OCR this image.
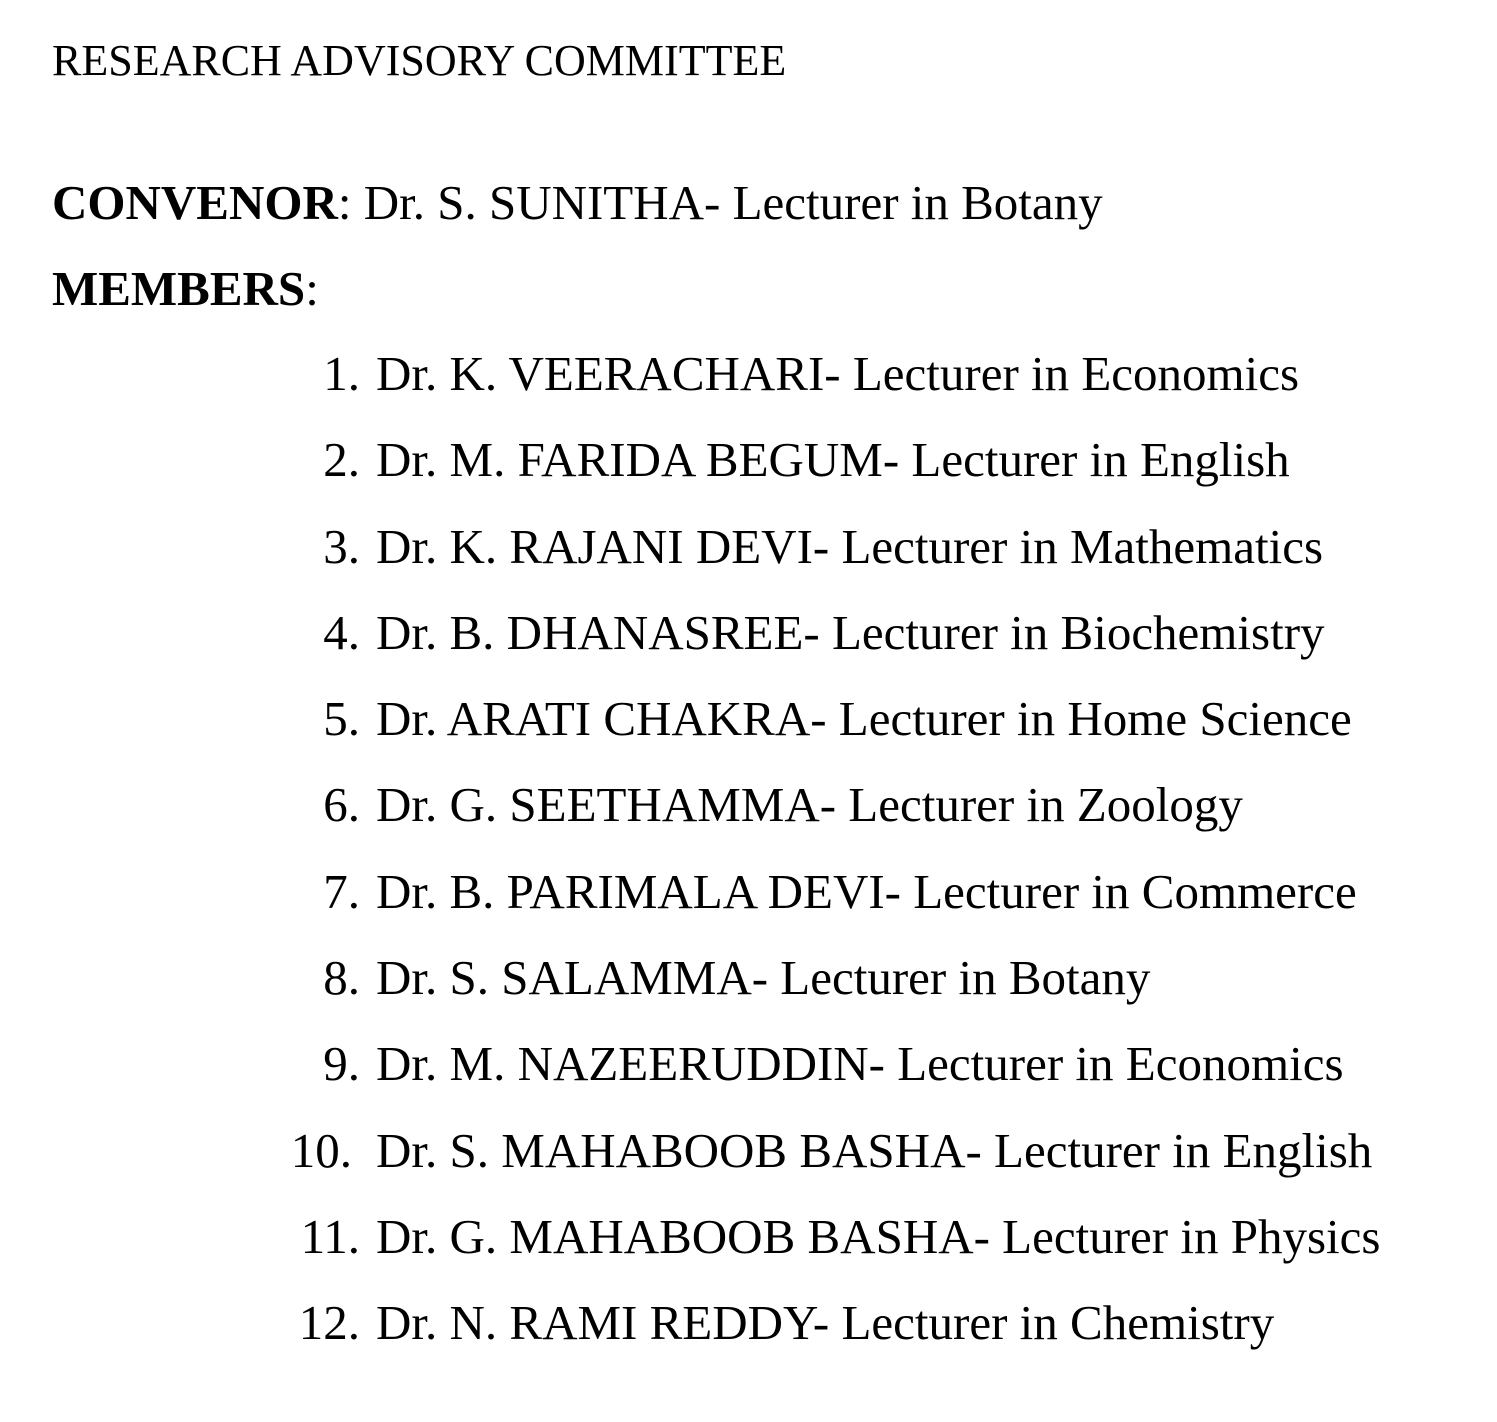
RESEARCH ADVISORY COMMITTEE
CONVENOR: Dr. S. SUNITHA- Lecturer in Botany
MEMBERS:
1. Dr. K. VEERACHARI- Lecturer in Economics
2. Dr. M. FARIDA BEGUM- Lecturer in English
3. Dr. K. RAJANI DEVI- Lecturer in Mathematics
4. Dr. B. DHANASREE- Lecturer in Biochemistry
5. Dr. ARATI CHAKRA- Lecturer in Home Science
6. Dr. G. SEETHAMMA- Lecturer in Zoology
7. Dr. B. PARIMALA DEVI- Lecturer in Commerce
8. Dr. S. SALAMMA- Lecturer in Botany
9. Dr. M. NAZEERUDDIN- Lecturer in Economics
10. Dr. S. MAHABOOB BASHA- Lecturer in English
11. Dr. G. MAHABOOB BASHA- Lecturer in Physics
12. Dr. N. RAMI REDDY- Lecturer in Chemistry
